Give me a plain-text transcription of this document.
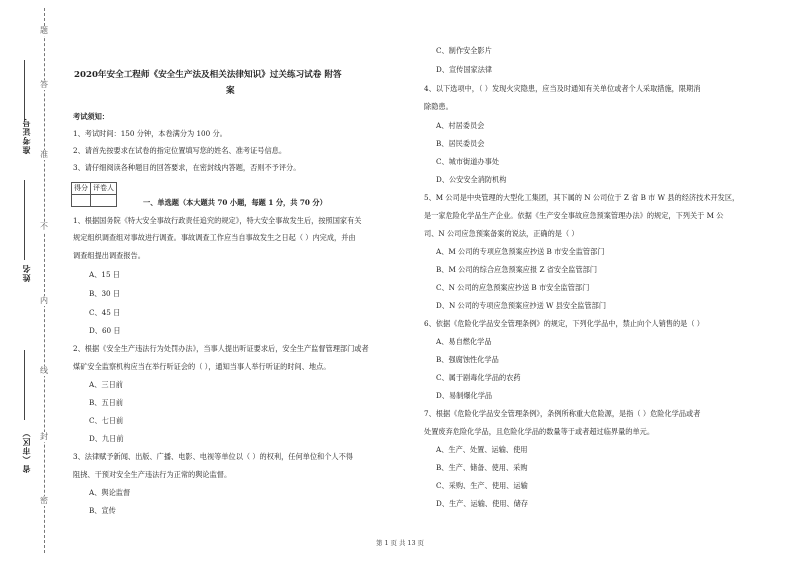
题
答
准
不
内
线
封
密
准考证号
姓名
省（市区）
2020年安全工程师《安全生产法及相关法律知识》过关练习试卷 附答
案
考试须知：
1、考试时间：150 分钟，本卷满分为 100 分。
2、请首先按要求在试卷的指定位置填写您的姓名、准考证号信息。
3、请仔细阅读各种题目的回答要求，在密封线内答题，否则不予评分。
得分	评卷人

一、单选题（本大题共 70 小题，每题 1 分，共 70 分）
1、根据国务院《特大安全事故行政责任追究的规定》，特大安全事故发生后，按照国家有关
规定组织调查组对事故进行调查。事故调查工作应当自事故发生之日起（ ）内完成，并由
调查组提出调查报告。
A、15 日
B、30 日
C、45 日
D、60 日
2、根据《安全生产违法行为处罚办法》，当事人提出听证要求后，安全生产监督管理部门或者
煤矿安全监察机构应当在举行听证会的（ ），通知当事人举行听证的时间、地点。
A、三日前
B、五日前
C、七日前
D、九日前
3、法律赋予新闻、出版、广播、电影、电视等单位以（ ）的权利，任何单位和个人不得
阻挠、干预对安全生产违法行为正常的舆论监督。
A、舆论监督
B、宣传
C、制作安全影片
D、宣传国家法律
4、以下选项中，（ ）发现火灾隐患，应当及时通知有关单位或者个人采取措施，限期消
除隐患。
A、村居委员会
B、居民委员会
C、城市街道办事处
D、公安安全消防机构
5、M 公司是中央管理的大型化工集团，其下属的 N 公司位于 Z 省 B 市 W 县的经济技术开发区，
是一家危险化学品生产企业。依据《生产安全事故应急预案管理办法》的规定，下列关于 M 公
司、N 公司应急预案备案的说法，正确的是（ ）
A、M 公司的专项应急预案应抄送 B 市安全监管部门
B、M 公司的综合应急预案应报 Z 省安全监管部门
C、N 公司的应急预案应抄送 B 市安全监管部门
D、N 公司的专项应急预案应抄送 W 县安全监管部门
6、依据《危险化学品安全管理条例》的规定，下列化学品中，禁止向个人销售的是（ ）
A、易自燃化学品
B、强腐蚀性化学品
C、属于剧毒化学品的农药
D、易制爆化学品
7、根据《危险化学品安全管理条例》，条例所称重大危险源，是指（ ）危险化学品或者
处置废弃危险化学品，且危险化学品的数量等于或者超过临界量的单元。
A、生产、处置、运输、使用
B、生产、储备、使用、采购
C、采购、生产、使用、运输
D、生产、运输、使用、储存
第 1 页 共 13 页
